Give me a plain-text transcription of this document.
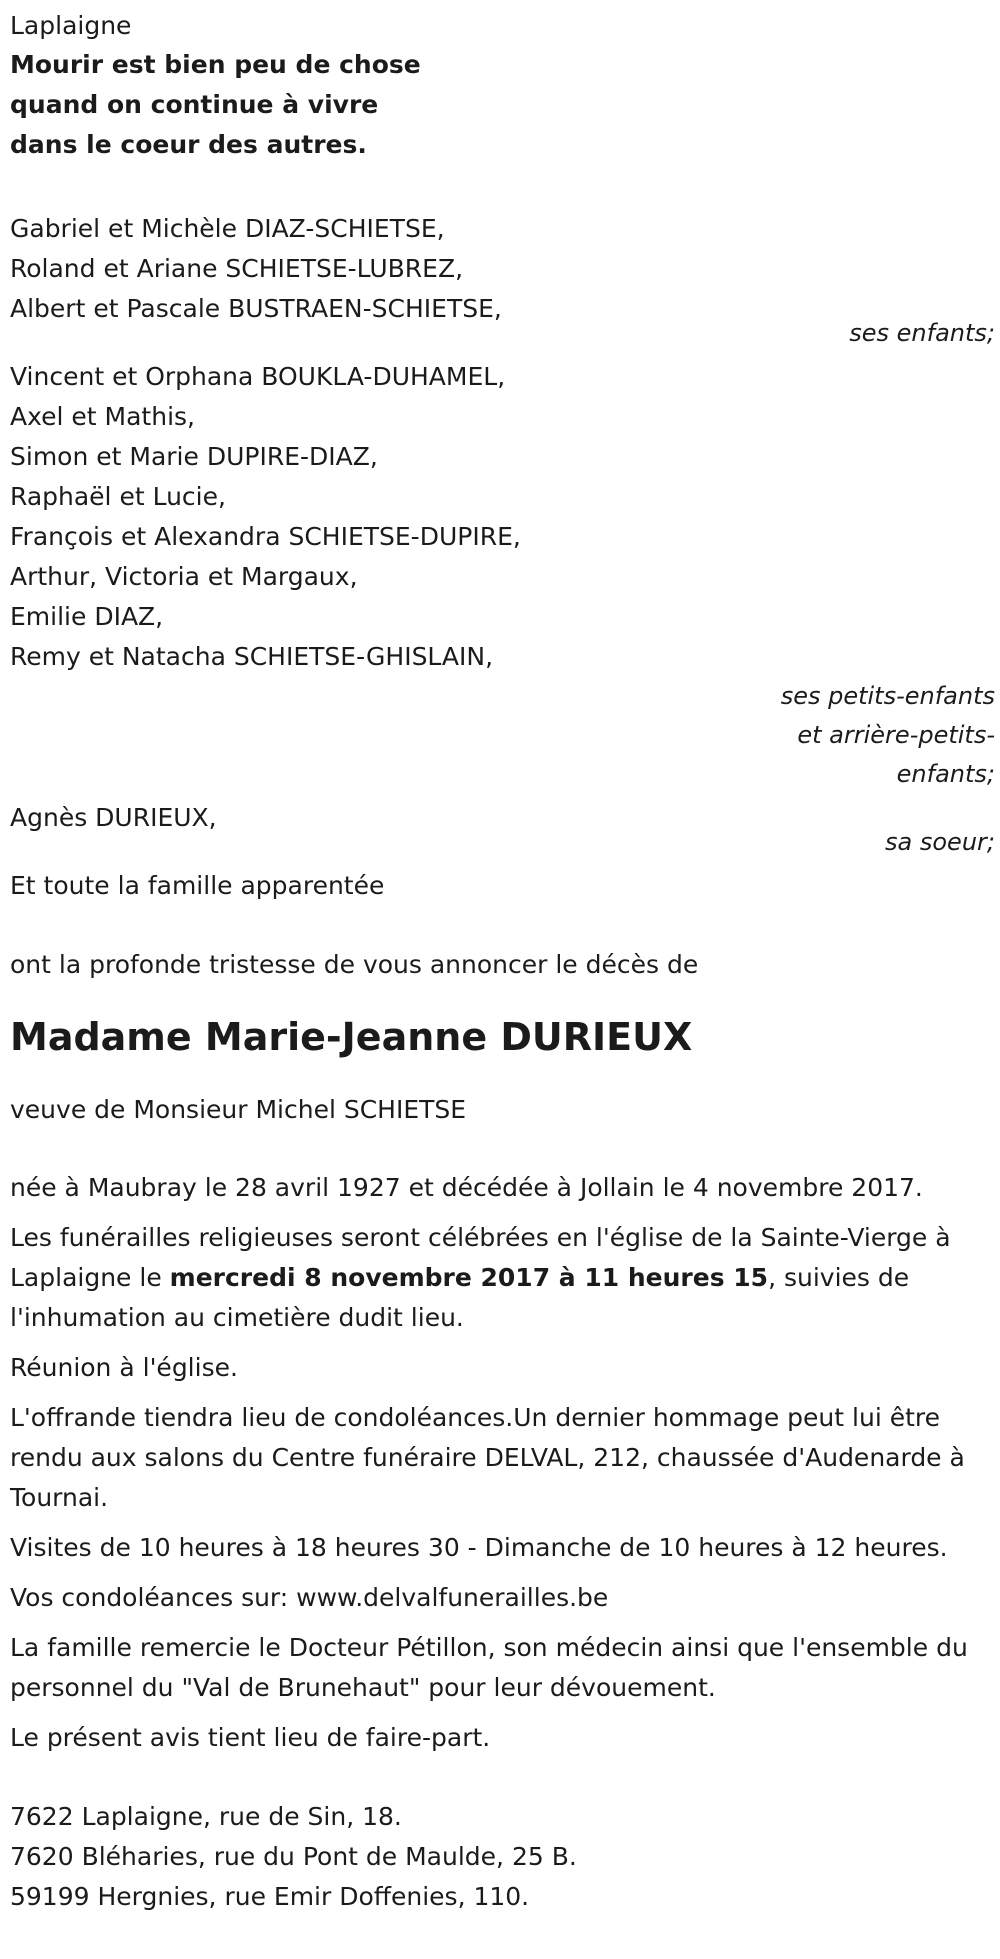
Laplaigne
Mourir est bien peu de chose
quand on continue à vivre
dans le coeur des autres.
Gabriel et Michèle DIAZ-SCHIETSE,
Roland et Ariane SCHIETSE-LUBREZ,
Albert et Pascale BUSTRAEN-SCHIETSE,
ses enfants;
Vincent et Orphana BOUKLA-DUHAMEL,
Axel et Mathis,
Simon et Marie DUPIRE-DIAZ,
Raphaël et Lucie,
François et Alexandra SCHIETSE-DUPIRE,
Arthur, Victoria et Margaux,
Emilie DIAZ,
Remy et Natacha SCHIETSE-GHISLAIN,
ses petits-enfants
et arrière-petits-
enfants;
Agnès DURIEUX,
sa soeur;
Et toute la famille apparentée
ont la profonde tristesse de vous annoncer le décès de
Madame Marie-Jeanne DURIEUX
veuve de Monsieur Michel SCHIETSE

née à Maubray le 28 avril 1927 et décédée à Jollain le 4 novembre 2017.

Les funérailles religieuses seront célébrées en l'église de la Sainte-Vierge à Laplaigne le mercredi 8 novembre 2017 à 11 heures 15, suivies de l'inhumation au cimetière dudit lieu.

Réunion à l'église.

L'offrande tiendra lieu de condoléances.Un dernier hommage peut lui être rendu aux salons du Centre funéraire DELVAL, 212, chaussée d'Audenarde à Tournai.

Visites de 10 heures à 18 heures 30 - Dimanche de 10 heures à 12 heures.

Vos condoléances sur: www.delvalfunerailles.be

La famille remercie le Docteur Pétillon, son médecin ainsi que l'ensemble du personnel du "Val de Brunehaut" pour leur dévouement.

Le présent avis tient lieu de faire-part.

7622 Laplaigne, rue de Sin, 18.
7620 Bléharies, rue du Pont de Maulde, 25 B.
59199 Hergnies, rue Emir Doffenies, 110.
